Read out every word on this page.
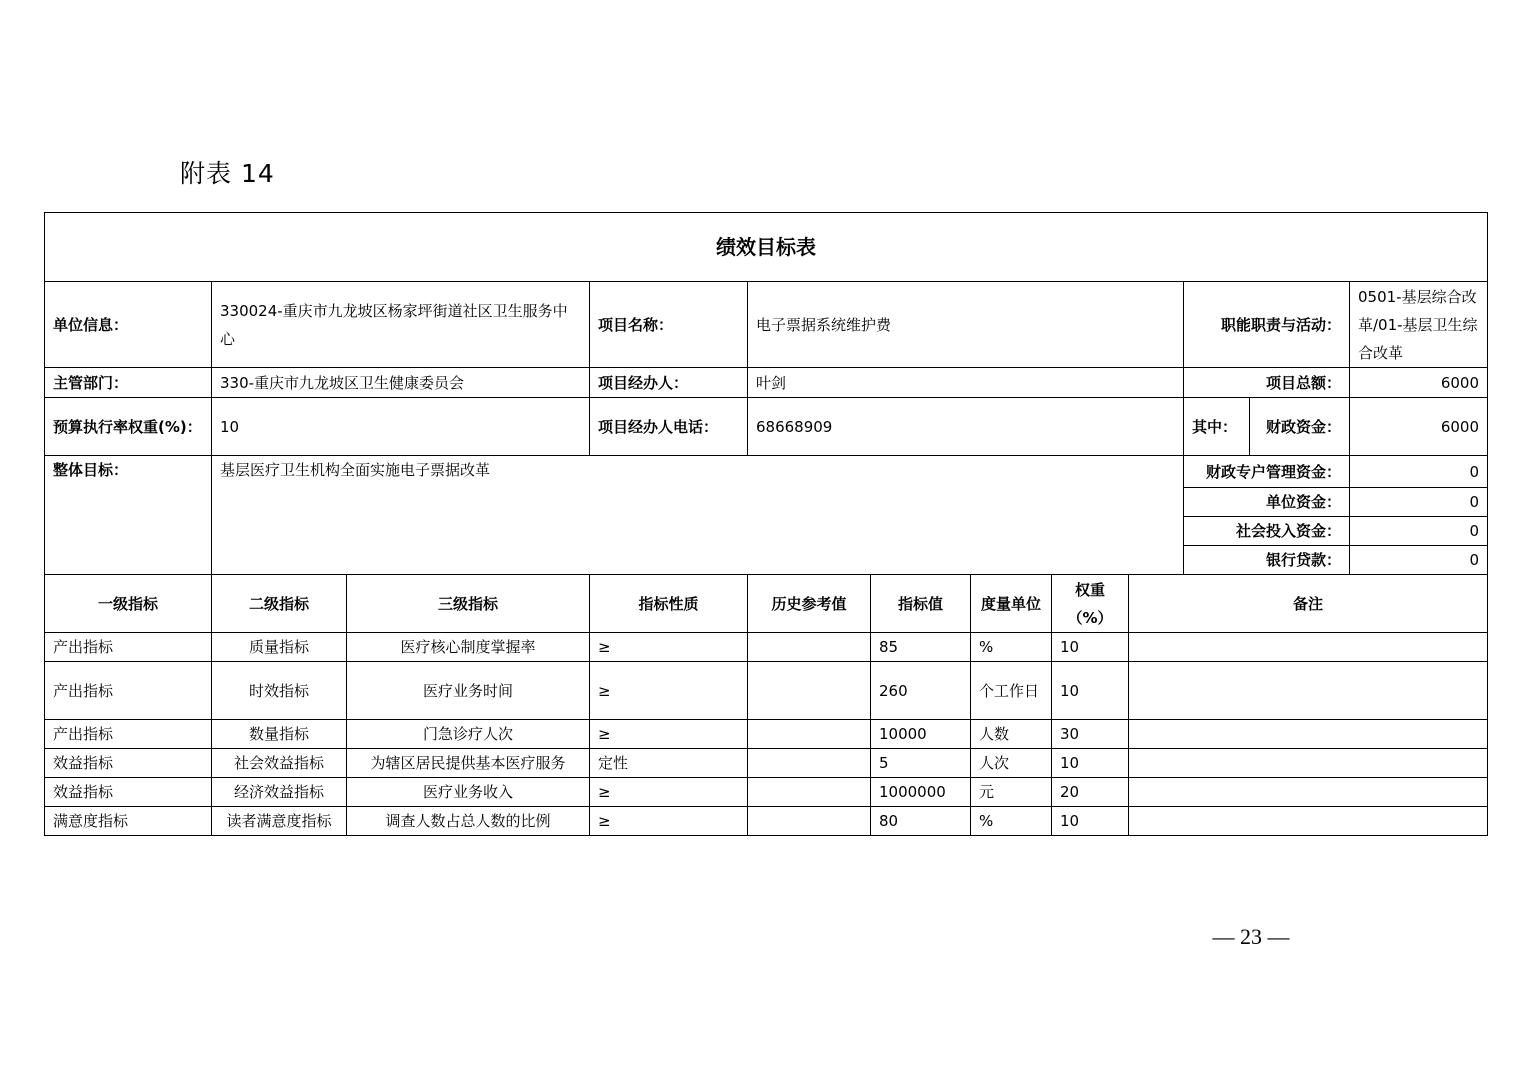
附表 14
绩效目标表											
单位信息：	330024-重庆市九龙坡区杨家坪街道社区卫生服务中心		项目名称：	电子票据系统维护费					职能职责与活动：		0501-基层综合改革/01-基层卫生综合改革
主管部门：	330-重庆市九龙坡区卫生健康委员会		项目经办人：	叶剑					项目总额：		6000
预算执行率权重(%)：	10		项目经办人电话：	68668909					其中：	财政资金：	6000
整体目标：	基层医疗卫生机构全面实施电子票据改革								财政专户管理资金：		0
									单位资金：		0
									社会投入资金：		0
									银行贷款：		0
一级指标	二级指标	三级指标	指标性质	历史参考值	指标值	度量单位	权重（%）	备注			
产出指标	质量指标	医疗核心制度掌握率	≥		85	%	10				
产出指标	时效指标	医疗业务时间	≥		260	个工作日	10				
产出指标	数量指标	门急诊疗人次	≥		10000	人数	30				
效益指标	社会效益指标	为辖区居民提供基本医疗服务	定性		5	人次	10				
效益指标	经济效益指标	医疗业务收入	≥		1000000	元	20				
满意度指标	读者满意度指标	调查人数占总人数的比例	≥		80	%	10				
— 23 —
